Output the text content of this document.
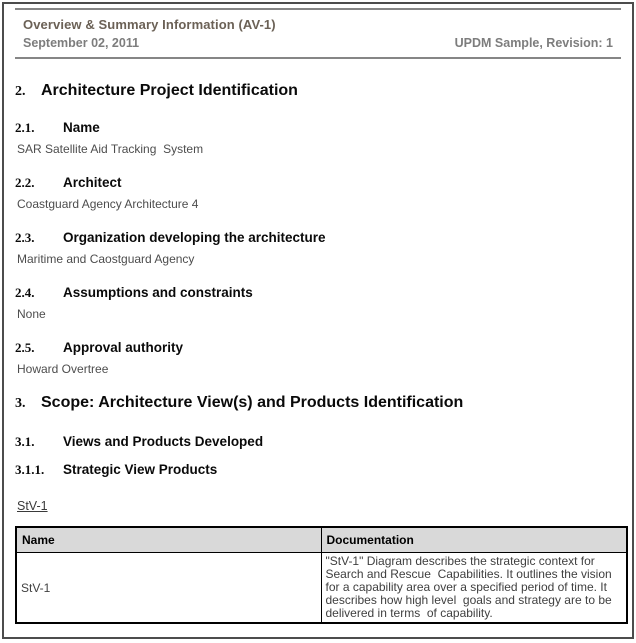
Overview & Summary Information (AV-1)
September 02, 2011	UPDM Sample, Revision: 1
2. Architecture Project Identification
2.1. Name
SAR Satellite Aid Tracking  System
2.2. Architect
Coastguard Agency Architecture 4
2.3. Organization developing the architecture
Maritime and Caostguard Agency
2.4. Assumptions and constraints
None
2.5. Approval authority
Howard Overtree
3. Scope: Architecture View(s) and Products Identification
3.1. Views and Products Developed
3.1.1. Strategic View Products
StV-1
Name	Documentation
StV-1	"StV-1" Diagram describes the strategic context for Search and Rescue  Capabilities. It outlines the vision for a capability area over a specified period of time. It describes how high level  goals and strategy are to be delivered in terms  of capability.
